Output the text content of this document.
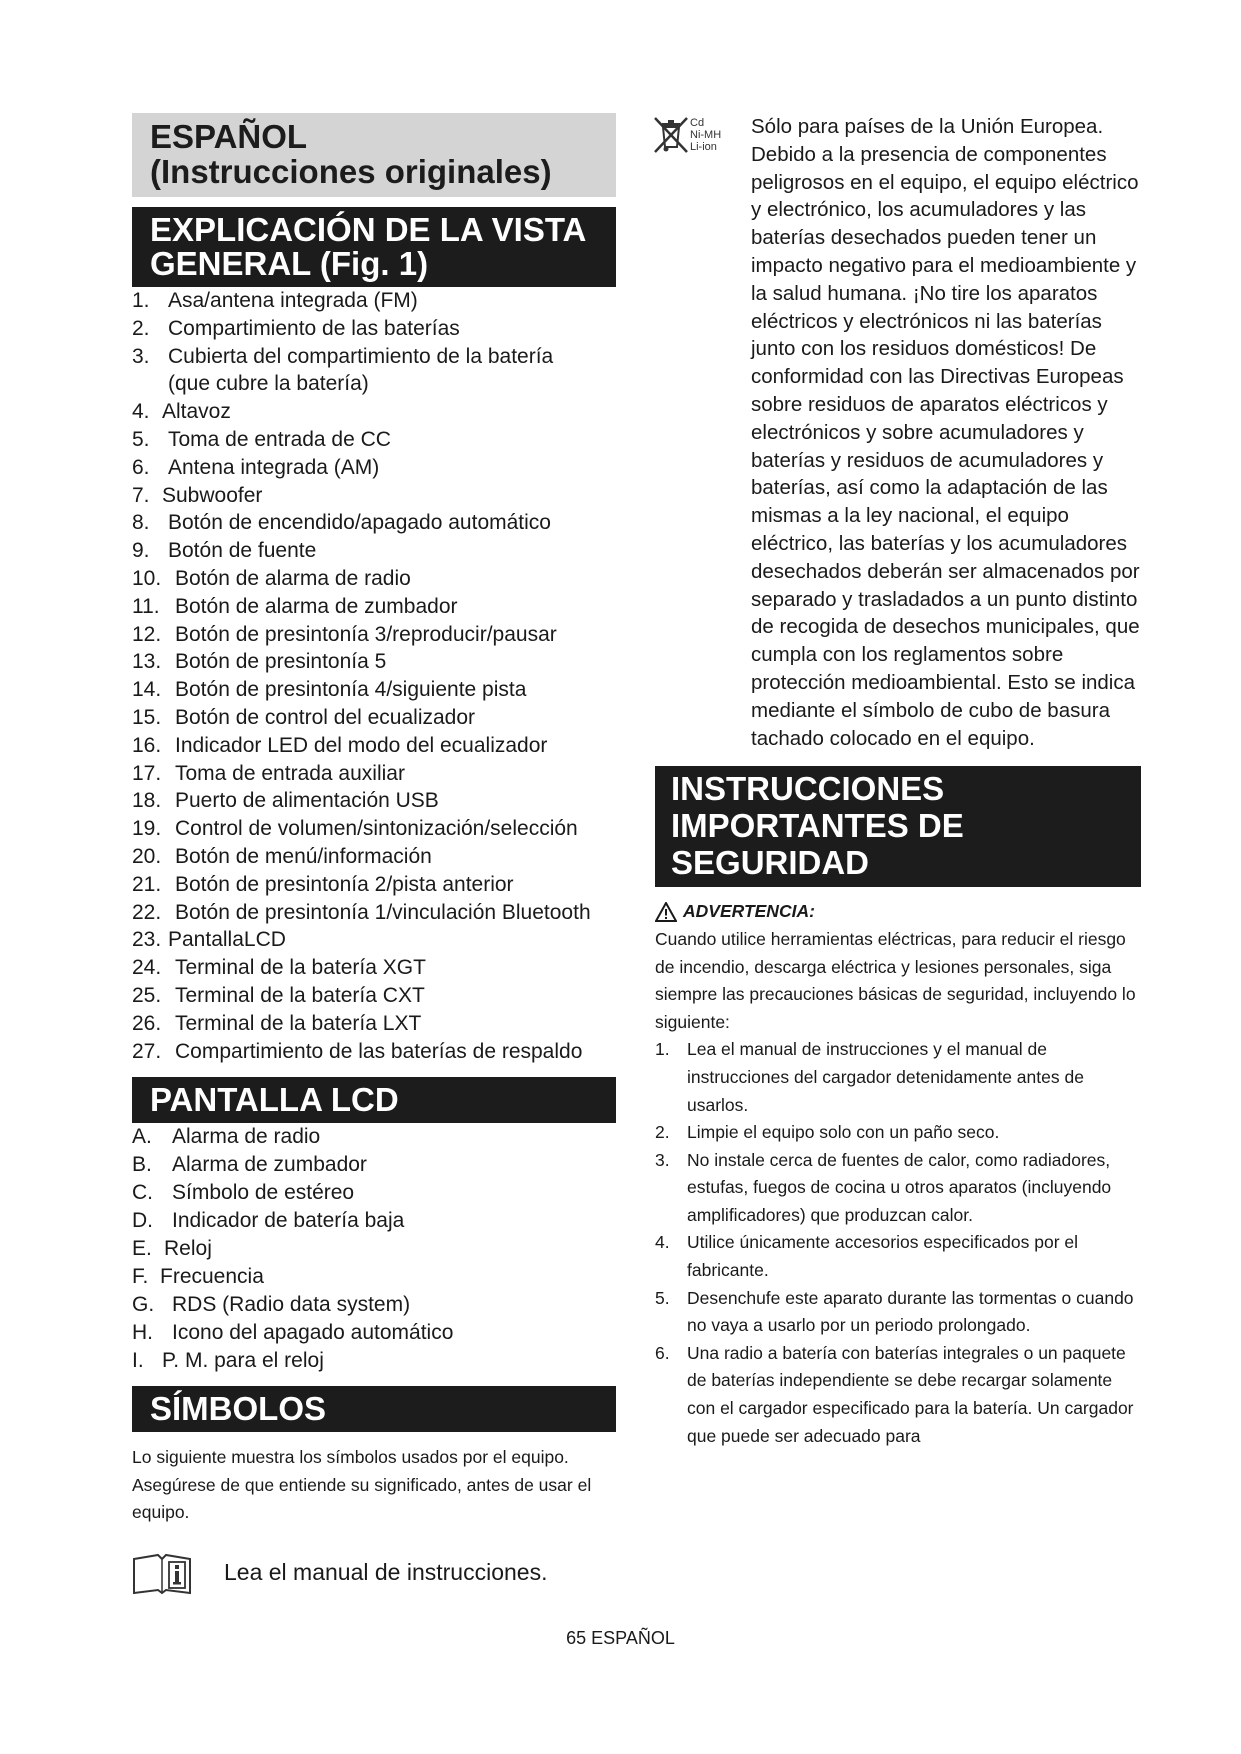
ESPAÑOL
(Instrucciones originales)
EXPLICACIÓN DE LA VISTA
GENERAL (Fig. 1)
1. Asa/antena integrada (FM)
2. Compartimiento de las baterías
3. Cubierta del compartimiento de la batería
(que cubre la batería)
4. Altavoz
5. Toma de entrada de CC
6. Antena integrada (AM)
7. Subwoofer
8. Botón de encendido/apagado automático
9. Botón de fuente
10. Botón de alarma de radio
11. Botón de alarma de zumbador
12. Botón de presintonía 3/reproducir/pausar
13. Botón de presintonía 5
14. Botón de presintonía 4/siguiente pista
15. Botón de control del ecualizador
16. Indicador LED del modo del ecualizador
17. Toma de entrada auxiliar
18. Puerto de alimentación USB
19. Control de volumen/sintonización/selección
20. Botón de menú/información
21. Botón de presintonía 2/pista anterior
22. Botón de presintonía 1/vinculación Bluetooth
23. PantallaLCD
24. Terminal de la batería XGT
25. Terminal de la batería CXT
26. Terminal de la batería LXT
27. Compartimiento de las baterías de respaldo
PANTALLA LCD
A. Alarma de radio
B. Alarma de zumbador
C. Símbolo de estéreo
D. Indicador de batería baja
E. Reloj
F. Frecuencia
G. RDS (Radio data system)
H. Icono del apagado automático
I. P. M. para el reloj
SÍMBOLOS
Lo siguiente muestra los símbolos usados por el equipo. Asegúrese de que entiende su significado, antes de usar el equipo.
Lea el manual de instrucciones.
Cd
Ni-MH
Li-ion
Sólo para países de la Unión Europea. Debido a la presencia de componentes peligrosos en el equipo, el equipo eléctrico y electrónico, los acumuladores y las baterías desechados pueden tener un impacto negativo para el medioambiente y la salud humana. ¡No tire los aparatos eléctricos y electrónicos ni las baterías junto con los residuos domésticos! De conformidad con las Directivas Europeas sobre residuos de aparatos eléctricos y electrónicos y sobre acumuladores y baterías y residuos de acumuladores y baterías, así como la adaptación de las mismas a la ley nacional, el equipo eléctrico, las baterías y los acumuladores desechados deberán ser almacenados por separado y trasladados a un punto distinto de recogida de desechos municipales, que cumpla con los reglamentos sobre protección medioambiental. Esto se indica mediante el símbolo de cubo de basura tachado colocado en el equipo.
INSTRUCCIONES
IMPORTANTES DE
SEGURIDAD
ADVERTENCIA:
Cuando utilice herramientas eléctricas, para reducir el riesgo de incendio, descarga eléctrica y lesiones personales, siga siempre las precauciones básicas de seguridad, incluyendo lo siguiente:
1. Lea el manual de instrucciones y el manual de instrucciones del cargador detenidamente antes de usarlos.
2. Limpie el equipo solo con un paño seco.
3. No instale cerca de fuentes de calor, como radiadores, estufas, fuegos de cocina u otros aparatos (incluyendo amplificadores) que produzcan calor.
4. Utilice únicamente accesorios especificados por el fabricante.
5. Desenchufe este aparato durante las tormentas o cuando no vaya a usarlo por un periodo prolongado.
6. Una radio a batería con baterías integrales o un paquete de baterías independiente se debe recargar solamente con el cargador especificado para la batería. Un cargador que puede ser adecuado para
65 ESPAÑOL
